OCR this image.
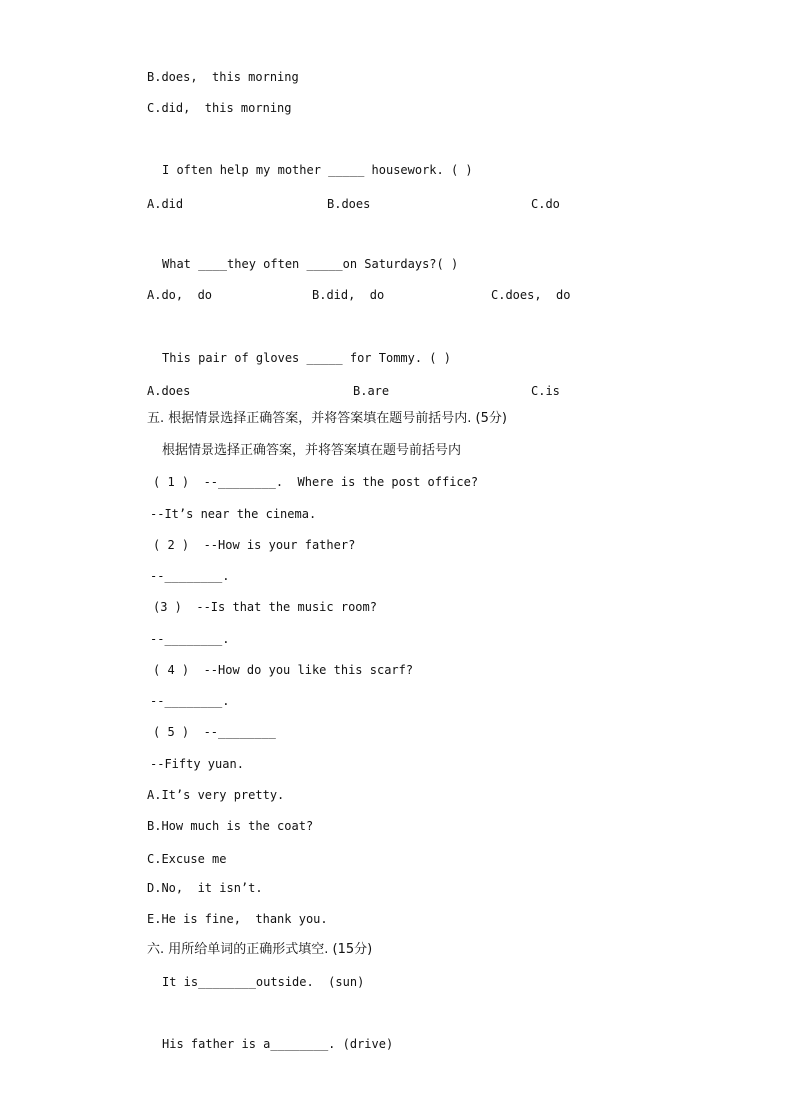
B.does,  this morning
C.did,  this morning
I often help my mother _____ housework. ( )
A.did	B.does	C.do
What ____they often _____on Saturdays?( )
A.do,  do	B.did,  do	C.does,  do
This pair of gloves _____ for Tommy. ( )
A.does	B.are	C.is
五. 根据情景选择正确答案，并将答案填在题号前括号内. (5分)
根据情景选择正确答案，并将答案填在题号前括号内
( 1 )  --________.  Where is the post office?
--It’s near the cinema.
( 2 )  --How is your father?
--________.
(3 )  --Is that the music room?
--________.
( 4 )  --How do you like this scarf?
--________.
( 5 )  --________
--Fifty yuan.
A.It’s very pretty.
B.How much is the coat?
C.Excuse me
D.No,  it isn’t.
E.He is fine,  thank you.
六. 用所给单词的正确形式填空. (15分)
It is________outside.  (sun)
His father is a________. (drive)
